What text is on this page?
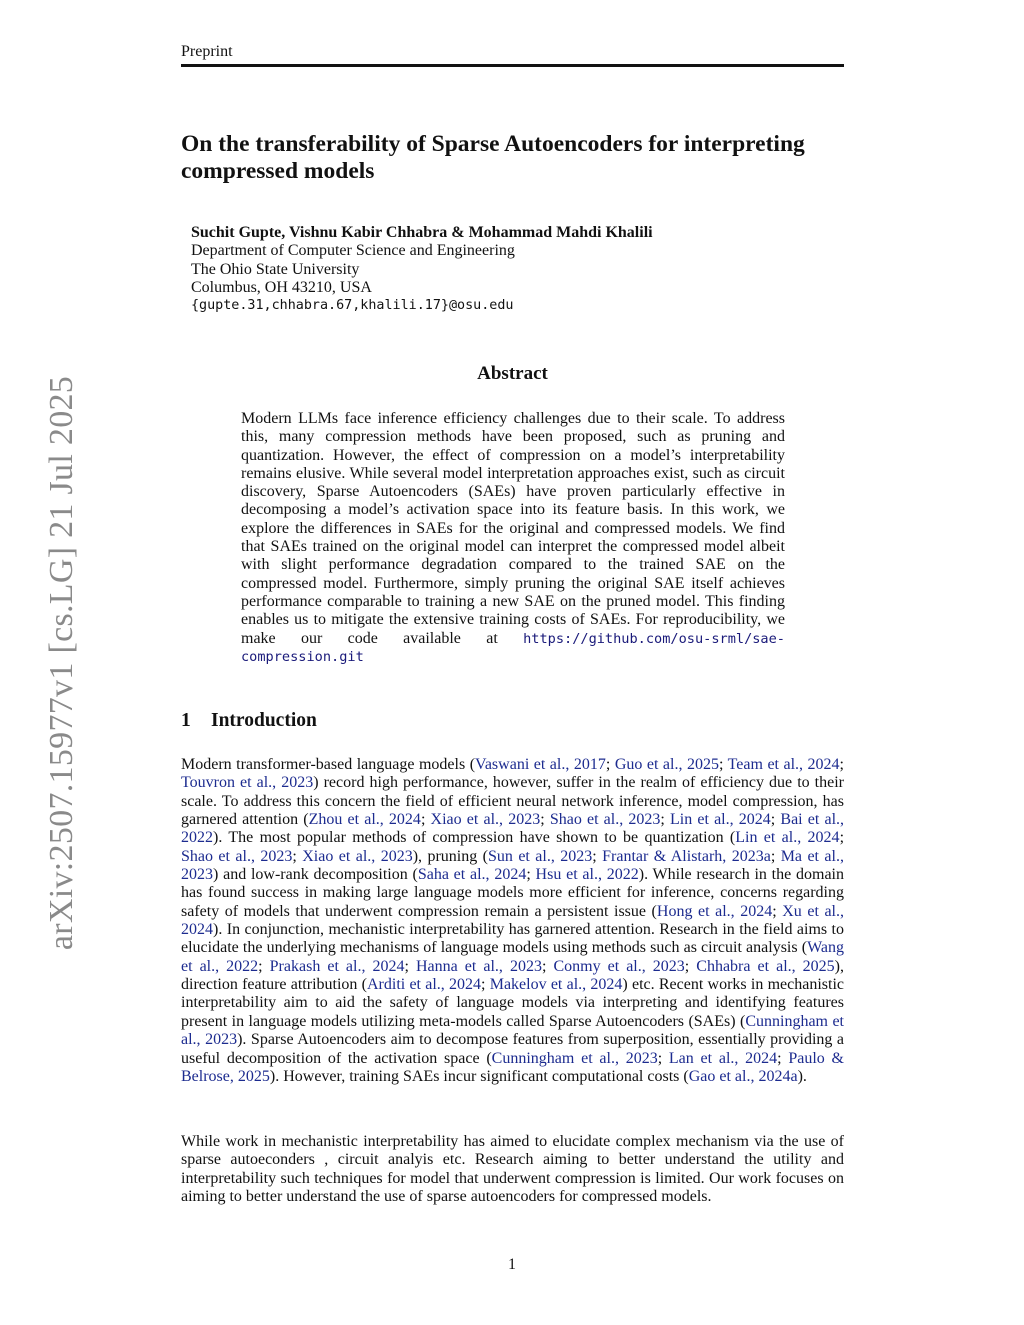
Preprint
arXiv:2507.15977v1 [cs.LG] 21 Jul 2025
On the transferability of Sparse Autoencoders for interpreting compressed models
Suchit Gupte, Vishnu Kabir Chhabra & Mohammad Mahdi Khalili
Department of Computer Science and Engineering
The Ohio State University
Columbus, OH 43210, USA
{gupte.31,chhabra.67,khalili.17}@osu.edu
Abstract

Modern LLMs face inference efficiency challenges due to their scale. To address this, many compression methods have been proposed, such as pruning and quantization. However, the effect of compression on a model’s interpretability remains elusive. While several model interpretation approaches exist, such as circuit discovery, Sparse Autoencoders (SAEs) have proven particularly effective in decomposing a model’s activation space into its feature basis. In this work, we explore the differences in SAEs for the original and compressed models. We find that SAEs trained on the original model can interpret the compressed model albeit with slight performance degradation compared to the trained SAE on the compressed model. Furthermore, simply pruning the original SAE itself achieves performance comparable to training a new SAE on the pruned model. This finding enables us to mitigate the extensive training costs of SAEs. For reproducibility, we make our code available at https://github.com/osu-srml/sae-compression.git

1 Introduction

Modern transformer-based language models (Vaswani et al., 2017; Guo et al., 2025; Team et al., 2024; Touvron et al., 2023) record high performance, however, suffer in the realm of efficiency due to their scale. To address this concern the field of efficient neural network inference, model compression, has garnered attention (Zhou et al., 2024; Xiao et al., 2023; Shao et al., 2023; Lin et al., 2024; Bai et al., 2022). The most popular methods of compression have shown to be quantization (Lin et al., 2024; Shao et al., 2023; Xiao et al., 2023), pruning (Sun et al., 2023; Frantar & Alistarh, 2023a; Ma et al., 2023) and low-rank decomposition (Saha et al., 2024; Hsu et al., 2022). While research in the domain has found success in making large language models more efficient for inference, concerns regarding safety of models that underwent compression remain a persistent issue (Hong et al., 2024; Xu et al., 2024). In conjunction, mechanistic interpretability has garnered attention. Research in the field aims to elucidate the underlying mechanisms of language models using methods such as circuit analysis (Wang et al., 2022; Prakash et al., 2024; Hanna et al., 2023; Conmy et al., 2023; Chhabra et al., 2025), direction feature attribution (Arditi et al., 2024; Makelov et al., 2024) etc. Recent works in mechanistic interpretability aim to aid the safety of language models via interpreting and identifying features present in language models utilizing meta-models called Sparse Autoencoders (SAEs) (Cunningham et al., 2023). Sparse Autoencoders aim to decompose features from superposition, essentially providing a useful decomposition of the activation space (Cunningham et al., 2023; Lan et al., 2024; Paulo & Belrose, 2025). However, training SAEs incur significant computational costs (Gao et al., 2024a).

While work in mechanistic interpretability has aimed to elucidate complex mechanism via the use of sparse autoeconders , circuit analyis etc. Research aiming to better understand the utility and interpretability such techniques for model that underwent compression is limited. Our work focuses on aiming to better understand the use of sparse autoencoders for compressed models.

1
